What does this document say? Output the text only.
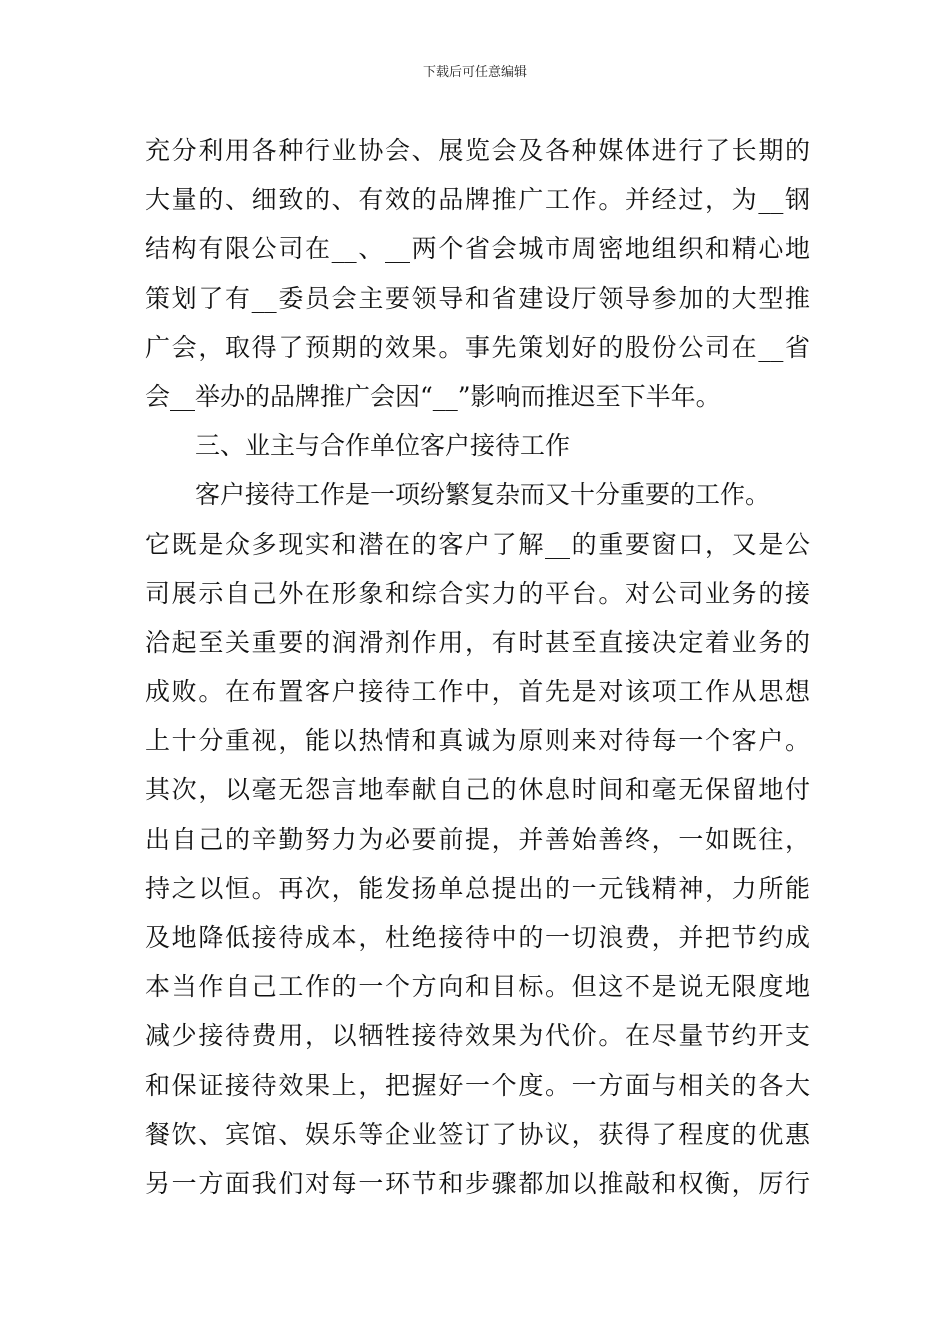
下载后可任意编辑
充分利用各种行业协会、展览会及各种媒体进行了长期的
大量的、细致的、有效的品牌推广工作。并经过，为__钢
结构有限公司在__、__两个省会城市周密地组织和精心地
策划了有__委员会主要领导和省建设厅领导参加的大型推
广会，取得了预期的效果。事先策划好的股份公司在__省
会__举办的品牌推广会因“__”影响而推迟至下半年。
三、业主与合作单位客户接待工作
客户接待工作是一项纷繁复杂而又十分重要的工作。
它既是众多现实和潜在的客户了解__的重要窗口，又是公
司展示自己外在形象和综合实力的平台。对公司业务的接
洽起至关重要的润滑剂作用，有时甚至直接决定着业务的
成败。在布置客户接待工作中，首先是对该项工作从思想
上十分重视，能以热情和真诚为原则来对待每一个客户。
其次，以毫无怨言地奉献自己的休息时间和毫无保留地付
出自己的辛勤努力为必要前提，并善始善终，一如既往，
持之以恒。再次，能发扬单总提出的一元钱精神，力所能
及地降低接待成本，杜绝接待中的一切浪费，并把节约成
本当作自己工作的一个方向和目标。但这不是说无限度地
减少接待费用，以牺牲接待效果为代价。在尽量节约开支
和保证接待效果上，把握好一个度。一方面与相关的各大
餐饮、宾馆、娱乐等企业签订了协议，获得了程度的优惠
另一方面我们对每一环节和步骤都加以推敲和权衡，厉行
